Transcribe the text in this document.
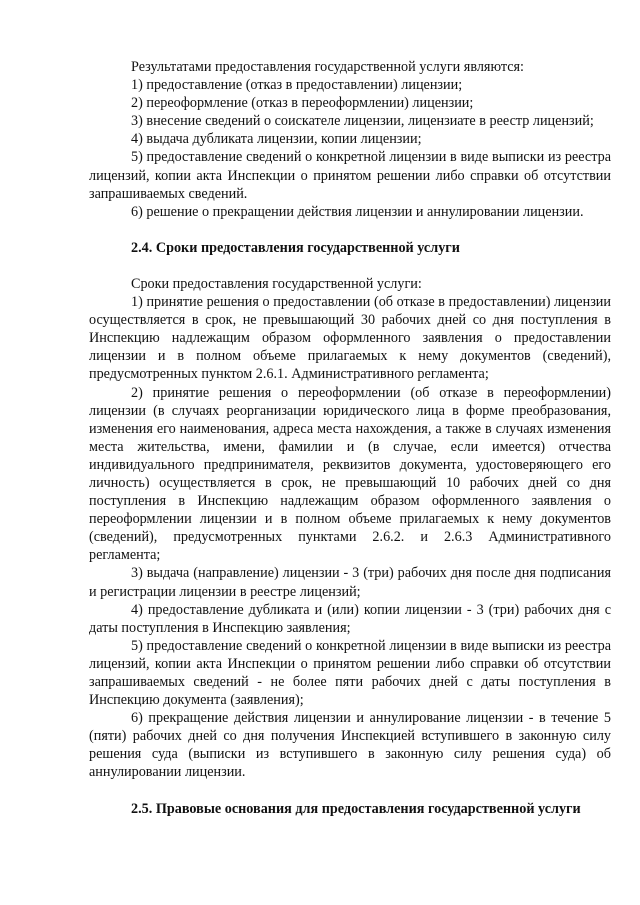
Результатами предоставления государственной услуги являются:

1) предоставление (отказ в предоставлении) лицензии;

2) переоформление (отказ в переоформлении) лицензии;

3) внесение сведений о соискателе лицензии, лицензиате в реестр лицензий;

4) выдача дубликата лицензии, копии лицензии;

5) предоставление сведений о конкретной лицензии в виде выписки из реестра лицензий, копии акта Инспекции о принятом решении либо справки об отсутствии запрашиваемых сведений.

6) решение о прекращении действия лицензии и аннулировании лицензии.

2.4. Сроки предоставления государственной услуги

Сроки предоставления государственной услуги:

1) принятие решения о предоставлении (об отказе в предоставлении) лицензии осуществляется в срок, не превышающий 30 рабочих дней со дня поступления в Инспекцию надлежащим образом оформленного заявления о предоставлении лицензии и в полном объеме прилагаемых к нему документов (сведений), предусмотренных пунктом 2.6.1. Административного регламента;

2) принятие решения о переоформлении (об отказе в переоформлении) лицензии (в случаях реорганизации юридического лица в форме преобразования, изменения его наименования, адреса места нахождения, а также в случаях изменения места жительства, имени, фамилии и (в случае, если имеется) отчества индивидуального предпринимателя, реквизитов документа, удостоверяющего его личность) осуществляется в срок, не превышающий 10 рабочих дней со дня поступления в Инспекцию надлежащим образом оформленного заявления о переоформлении лицензии и в полном объеме прилагаемых к нему документов (сведений), предусмотренных пунктами 2.6.2. и 2.6.3 Административного регламента;

3) выдача (направление) лицензии - 3 (три) рабочих дня после дня подписания и регистрации лицензии в реестре лицензий;

4) предоставление дубликата и (или) копии лицензии - 3 (три) рабочих дня с даты поступления в Инспекцию заявления;

5) предоставление сведений о конкретной лицензии в виде выписки из реестра лицензий, копии акта Инспекции о принятом решении либо справки об отсутствии запрашиваемых сведений - не более пяти рабочих дней с даты поступления в Инспекцию документа (заявления);

6) прекращение действия лицензии и аннулирование лицензии - в течение 5 (пяти) рабочих дней со дня получения Инспекцией вступившего в законную силу решения суда (выписки из вступившего в законную силу решения суда) об аннулировании лицензии.

2.5. Правовые основания для предоставления государственной услуги
